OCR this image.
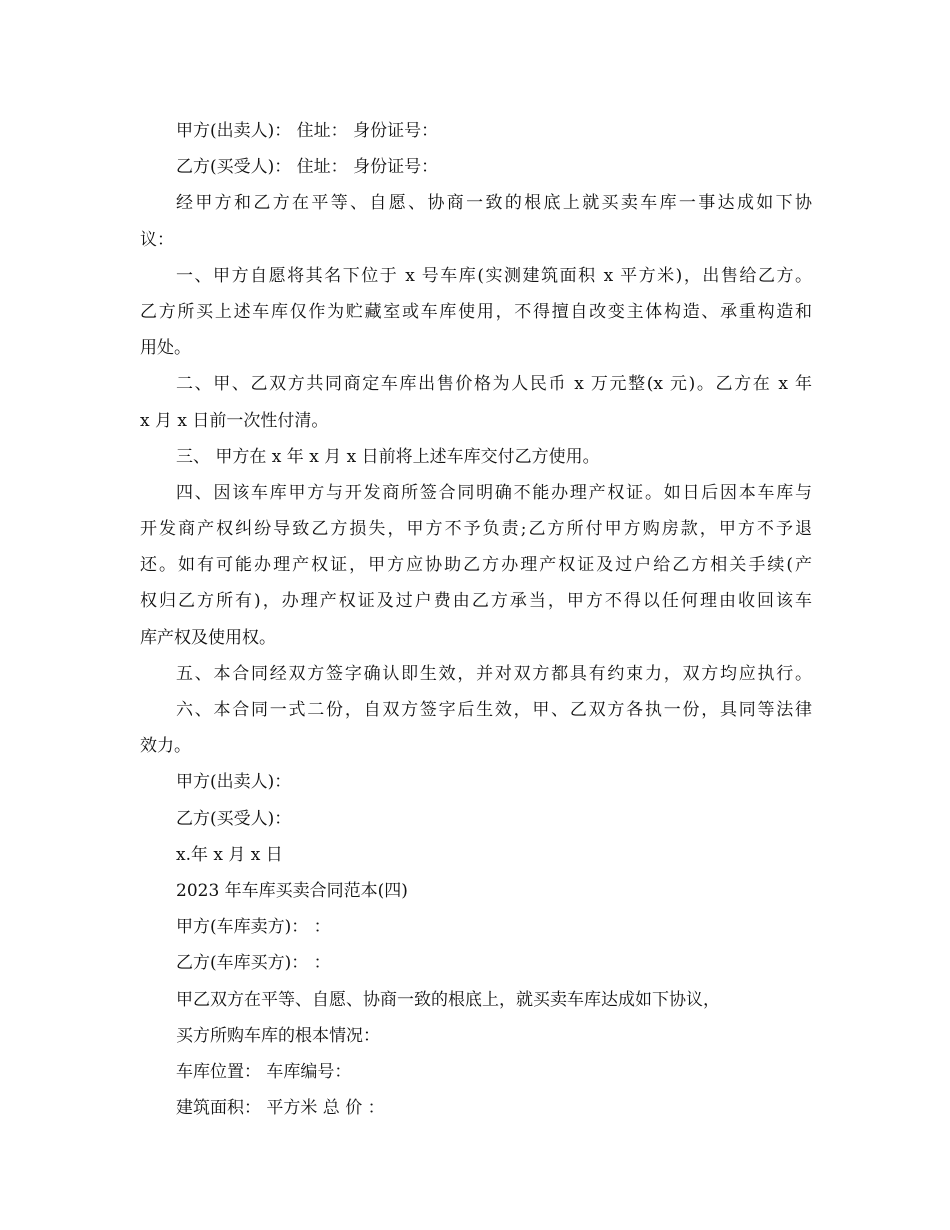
甲方(出卖人)： 住址： 身份证号：
乙方(买受人)： 住址： 身份证号：
经甲方和乙方在平等、自愿、协商一致的根底上就买卖车库一事达成如下协
议：
一、甲方自愿将其名下位于 x 号车库(实测建筑面积 x 平方米)，出售给乙方。
乙方所买上述车库仅作为贮藏室或车库使用，不得擅自改变主体构造、承重构造和
用处。
二、甲、乙双方共同商定车库出售价格为人民币 x 万元整(x 元)。乙方在 x 年
x 月 x 日前一次性付清。
三、 甲方在 x 年 x 月 x 日前将上述车库交付乙方使用。
四、因该车库甲方与开发商所签合同明确不能办理产权证。如日后因本车库与
开发商产权纠纷导致乙方损失，甲方不予负责;乙方所付甲方购房款，甲方不予退
还。如有可能办理产权证，甲方应协助乙方办理产权证及过户给乙方相关手续(产
权归乙方所有)，办理产权证及过户费由乙方承当，甲方不得以任何理由收回该车
库产权及使用权。
五、本合同经双方签字确认即生效，并对双方都具有约束力，双方均应执行。
六、本合同一式二份，自双方签字后生效，甲、乙双方各执一份，具同等法律
效力。
甲方(出卖人)：
乙方(买受人)：
x.年 x 月 x 日
2023 年车库买卖合同范本(四)
甲方(车库卖方)： ：
乙方(车库买方)： ：
甲乙双方在平等、自愿、协商一致的根底上，就买卖车库达成如下协议，
买方所购车库的根本情况：
车库位置： 车库编号：
建筑面积： 平方米 总 价 ：
